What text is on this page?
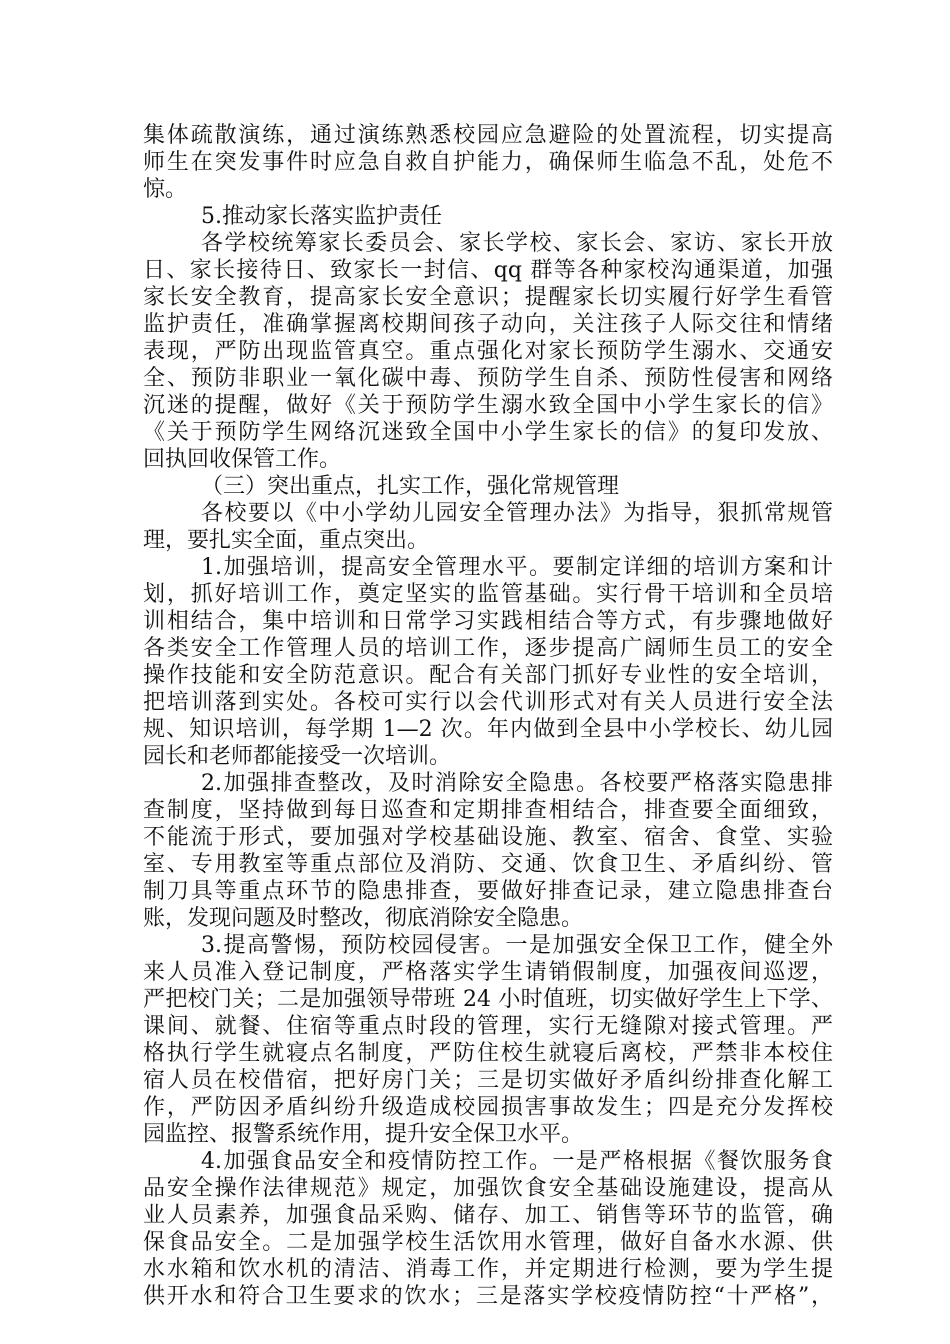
集体疏散演练，通过演练熟悉校园应急避险的处置流程，切实提高
师生在突发事件时应急自救自护能力，确保师生临急不乱，处危不
惊。
5.推动家长落实监护责任
各学校统筹家长委员会、家长学校、家长会、家访、家长开放
日、家长接待日、致家长一封信、qq 群等各种家校沟通渠道，加强
家长安全教育，提高家长安全意识；提醒家长切实履行好学生看管
监护责任，准确掌握离校期间孩子动向，关注孩子人际交往和情绪
表现，严防出现监管真空。重点强化对家长预防学生溺水、交通安
全、预防非职业一氧化碳中毒、预防学生自杀、预防性侵害和网络
沉迷的提醒，做好《关于预防学生溺水致全国中小学生家长的信》
《关于预防学生网络沉迷致全国中小学生家长的信》的复印发放、
回执回收保管工作。
（三）突出重点，扎实工作，强化常规管理
各校要以《中小学幼儿园安全管理办法》为指导，狠抓常规管
理，要扎实全面，重点突出。
1.加强培训，提高安全管理水平。要制定详细的培训方案和计
划，抓好培训工作，奠定坚实的监管基础。实行骨干培训和全员培
训相结合，集中培训和日常学习实践相结合等方式，有步骤地做好
各类安全工作管理人员的培训工作，逐步提高广阔师生员工的安全
操作技能和安全防范意识。配合有关部门抓好专业性的安全培训，
把培训落到实处。各校可实行以会代训形式对有关人员进行安全法
规、知识培训，每学期 1—2 次。年内做到全县中小学校长、幼儿园
园长和老师都能接受一次培训。
2.加强排查整改，及时消除安全隐患。各校要严格落实隐患排
查制度，坚持做到每日巡查和定期排查相结合，排查要全面细致，
不能流于形式，要加强对学校基础设施、教室、宿舍、食堂、实验
室、专用教室等重点部位及消防、交通、饮食卫生、矛盾纠纷、管
制刀具等重点环节的隐患排查，要做好排查记录，建立隐患排查台
账，发现问题及时整改，彻底消除安全隐患。
3.提高警惕，预防校园侵害。一是加强安全保卫工作，健全外
来人员准入登记制度，严格落实学生请销假制度，加强夜间巡逻，
严把校门关；二是加强领导带班 24 小时值班，切实做好学生上下学、
课间、就餐、住宿等重点时段的管理，实行无缝隙对接式管理。严
格执行学生就寝点名制度，严防住校生就寝后离校，严禁非本校住
宿人员在校借宿，把好房门关；三是切实做好矛盾纠纷排查化解工
作，严防因矛盾纠纷升级造成校园损害事故发生；四是充分发挥校
园监控、报警系统作用，提升安全保卫水平。
4.加强食品安全和疫情防控工作。一是严格根据《餐饮服务食
品安全操作法律规范》规定，加强饮食安全基础设施建设，提高从
业人员素养，加强食品采购、储存、加工、销售等环节的监管，确
保食品安全。二是加强学校生活饮用水管理，做好自备水水源、供
水水箱和饮水机的清洁、消毒工作，并定期进行检测，要为学生提
供开水和符合卫生要求的饮水；三是落实学校疫情防控“十严格”，
